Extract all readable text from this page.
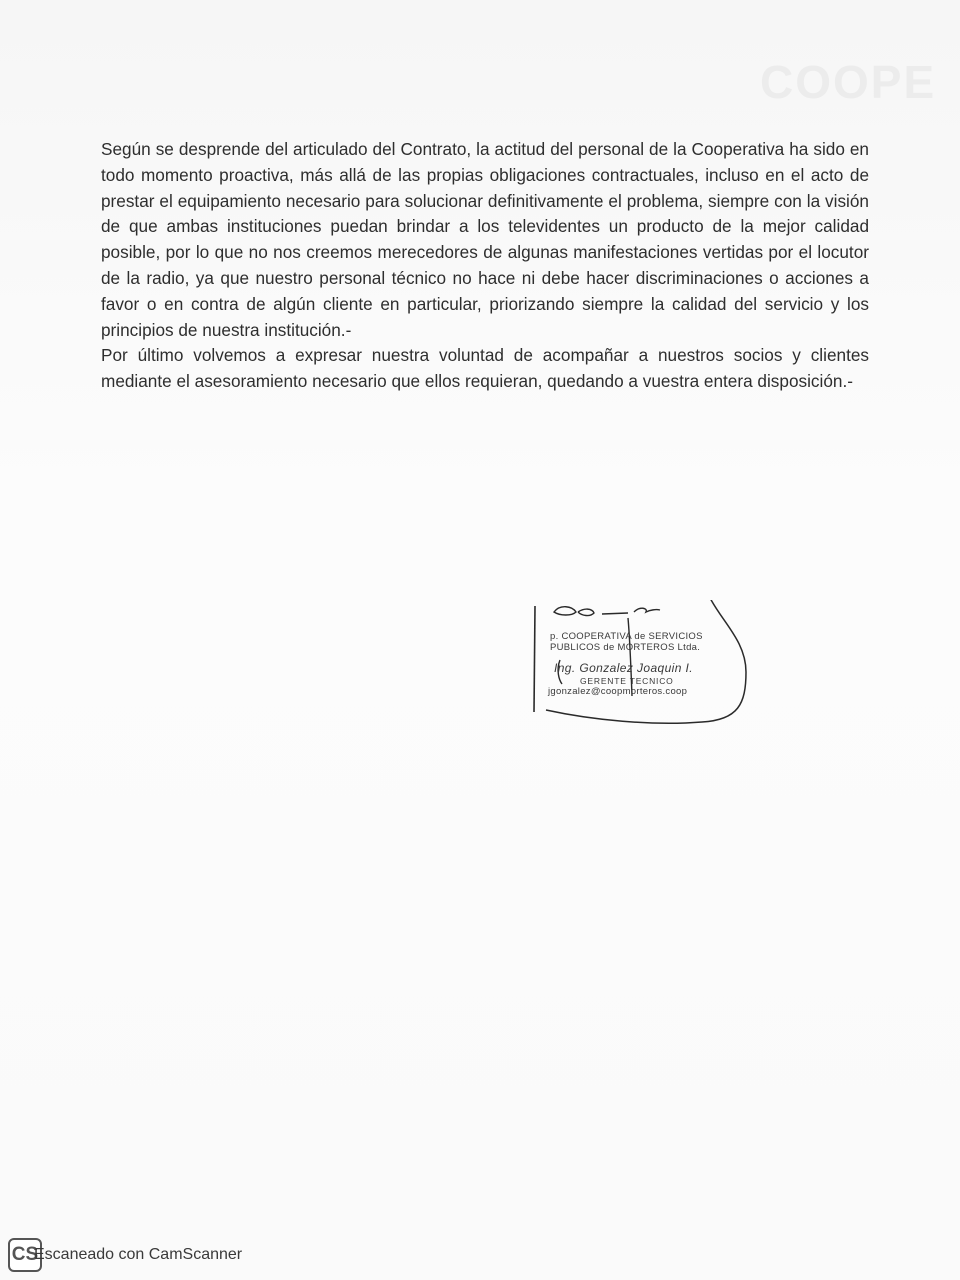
COOPE

Según se desprende del articulado del Contrato, la actitud del personal de la Cooperativa ha sido en todo momento proactiva, más allá de las propias obligaciones contractuales, incluso en el acto de prestar el equipamiento necesario para solucionar definitivamente el problema, siempre con la visión de que ambas instituciones puedan brindar a los televidentes un producto de la mejor calidad posible, por lo que no nos creemos merecedores de algunas manifestaciones vertidas por el locutor de la radio, ya que nuestro personal técnico no hace ni debe hacer discriminaciones o acciones a favor o en contra de algún cliente en particular, priorizando siempre la calidad del servicio y los principios de nuestra institución.-

Por último volvemos a expresar nuestra voluntad de acompañar a nuestros socios y clientes mediante el asesoramiento necesario que ellos requieran, quedando a vuestra entera disposición.-

p. COOPERATIVA de SERVICIOS
PUBLICOS de MORTEROS Ltda.
Ing. Gonzalez Joaquin I.
GERENTE TECNICO
jgonzalez@coopmorteros.coop
CS
Escaneado con CamScanner
